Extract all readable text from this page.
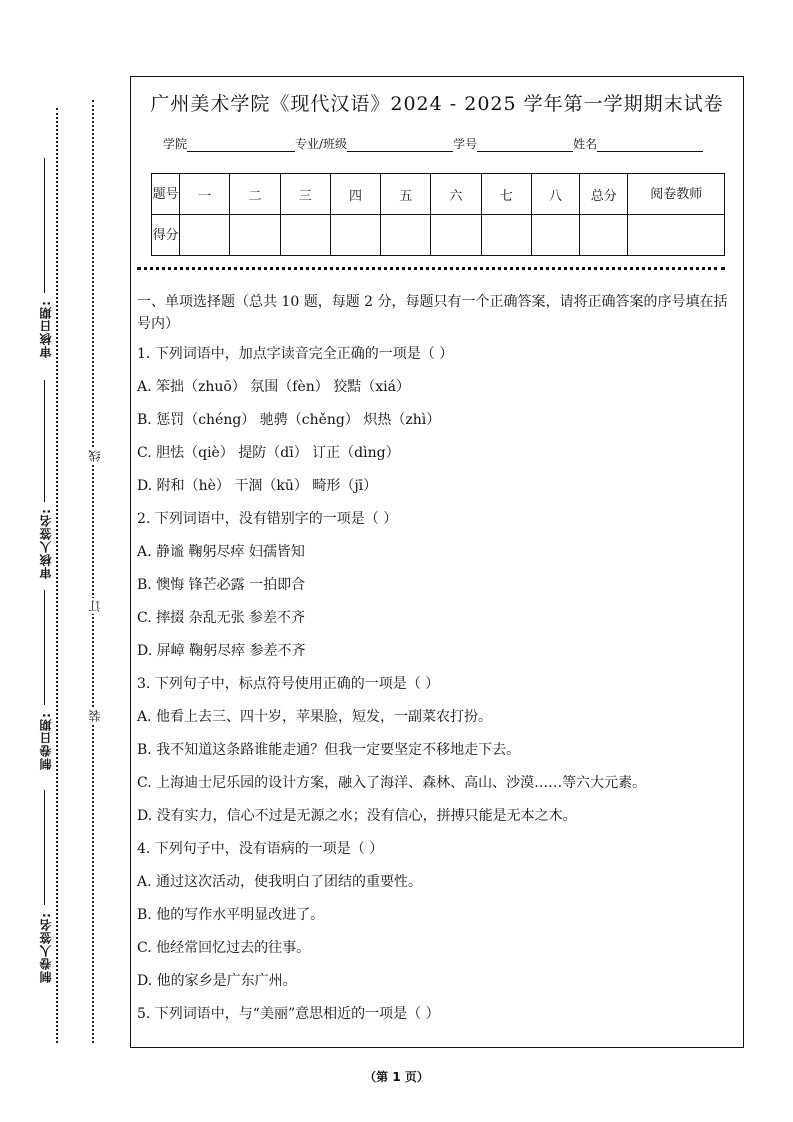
审核日期:
审核人签名:
制卷日期:
制卷人签名:
线
订
装
广州美术学院《现代汉语》2024 - 2025 学年第一学期期末试卷
学院	专业/班级	学号	姓名
题号	一	二	三	四	五	六	七	八	总分	阅卷教师
得分										
一、单项选择题（总共 10 题，每题 2 分，每题只有一个正确答案，请将正确答案的序号填在括号内）
1. 下列词语中，加点字读音完全正确的一项是（ ）
A. 笨拙（zhuō） 氛围（fèn） 狡黠（xiá）
B. 惩罚（chéng） 驰骋（chěng） 炽热（zhì）
C. 胆怯（qiè） 提防（dī） 订正（dìng）
D. 附和（hè） 干涸（kū） 畸形（jī）
2. 下列词语中，没有错别字的一项是（ ）
A. 静谧 鞠躬尽瘁 妇孺皆知
B. 懊悔 锋芒必露 一拍即合
C. 摔掇 杂乱无张 参差不齐
D. 屏嶂 鞠躬尽瘁 参差不齐
3. 下列句子中，标点符号使用正确的一项是（ ）
A. 他看上去三、四十岁，苹果脸，短发，一副菜农打扮。
B. 我不知道这条路谁能走通？但我一定要坚定不移地走下去。
C. 上海迪士尼乐园的设计方案，融入了海洋、森林、高山、沙漠……等六大元素。
D. 没有实力，信心不过是无源之水；没有信心，拼搏只能是无本之木。
4. 下列句子中，没有语病的一项是（ ）
A. 通过这次活动，使我明白了团结的重要性。
B. 他的写作水平明显改进了。
C. 他经常回忆过去的往事。
D. 他的家乡是广东广州。
5. 下列词语中，与“美丽”意思相近的一项是（ ）
（第 1 页）
